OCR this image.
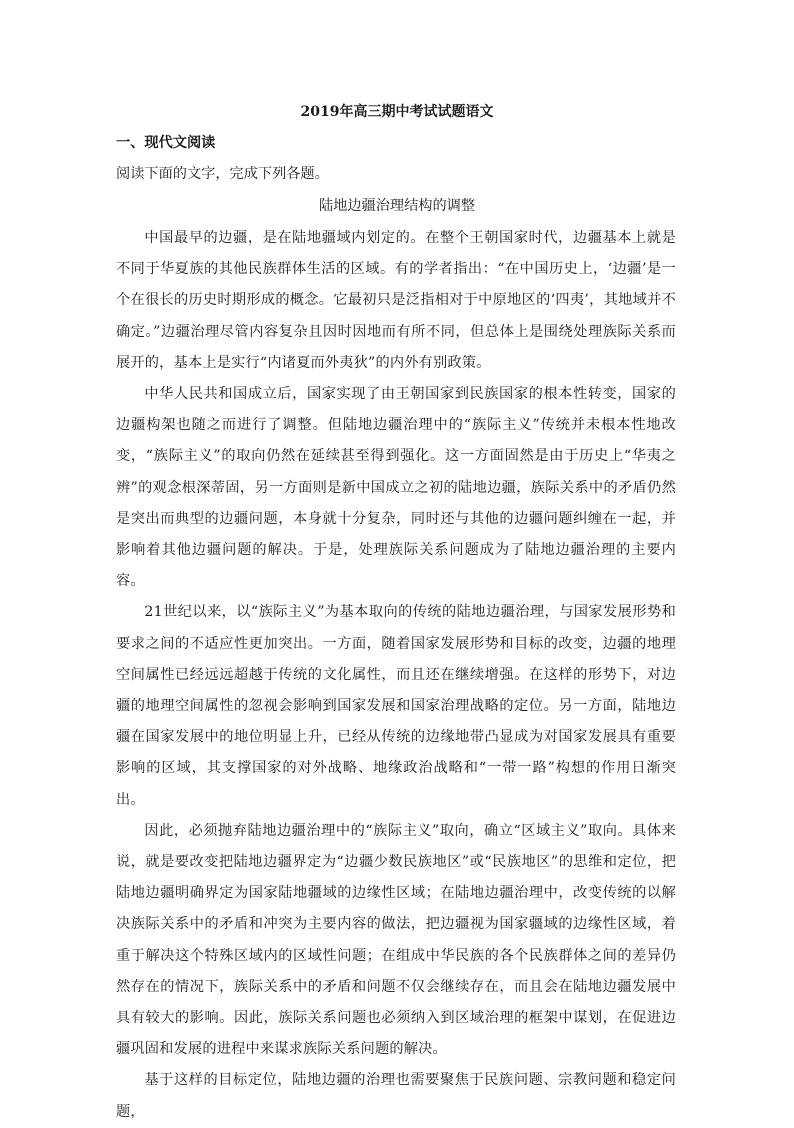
2019年高三期中考试试题语文
一、现代文阅读

阅读下面的文字，完成下列各题。

陆地边疆治理结构的调整

中国最早的边疆，是在陆地疆域内划定的。在整个王朝国家时代，边疆基本上就是不同于华夏族的其他民族群体生活的区域。有的学者指出：“在中国历史上，‘边疆’是一个在很长的历史时期形成的概念。它最初只是泛指相对于中原地区的‘四夷’，其地域并不确定。”边疆治理尽管内容复杂且因时因地而有所不同，但总体上是围绕处理族际关系而展开的，基本上是实行“内诸夏而外夷狄”的内外有别政策。

中华人民共和国成立后，国家实现了由王朝国家到民族国家的根本性转变，国家的边疆构架也随之而进行了调整。但陆地边疆治理中的“族际主义”传统并未根本性地改变，“族际主义”的取向仍然在延续甚至得到强化。这一方面固然是由于历史上“华夷之辨”的观念根深蒂固，另一方面则是新中国成立之初的陆地边疆，族际关系中的矛盾仍然是突出而典型的边疆问题，本身就十分复杂，同时还与其他的边疆问题纠缠在一起，并影响着其他边疆问题的解决。于是，处理族际关系问题成为了陆地边疆治理的主要内容。

21世纪以来，以“族际主义”为基本取向的传统的陆地边疆治理，与国家发展形势和要求之间的不适应性更加突出。一方面，随着国家发展形势和目标的改变，边疆的地理空间属性已经远远超越于传统的文化属性，而且还在继续增强。在这样的形势下，对边疆的地理空间属性的忽视会影响到国家发展和国家治理战略的定位。另一方面，陆地边疆在国家发展中的地位明显上升，已经从传统的边缘地带凸显成为对国家发展具有重要影响的区域，其支撑国家的对外战略、地缘政治战略和“一带一路”构想的作用日渐突出。

因此，必须抛弃陆地边疆治理中的“族际主义”取向，确立“区域主义”取向。具体来说，就是要改变把陆地边疆界定为“边疆少数民族地区”或“民族地区”的思维和定位，把陆地边疆明确界定为国家陆地疆域的边缘性区域；在陆地边疆治理中，改变传统的以解决族际关系中的矛盾和冲突为主要内容的做法，把边疆视为国家疆域的边缘性区域，着重于解决这个特殊区域内的区域性问题；在组成中华民族的各个民族群体之间的差异仍然存在的情况下，族际关系中的矛盾和问题不仅会继续存在，而且会在陆地边疆发展中具有较大的影响。因此，族际关系问题也必须纳入到区域治理的框架中谋划，在促进边疆巩固和发展的进程中来谋求族际关系问题的解决。

基于这样的目标定位，陆地边疆的治理也需要聚焦于民族问题、宗教问题和稳定问题，
